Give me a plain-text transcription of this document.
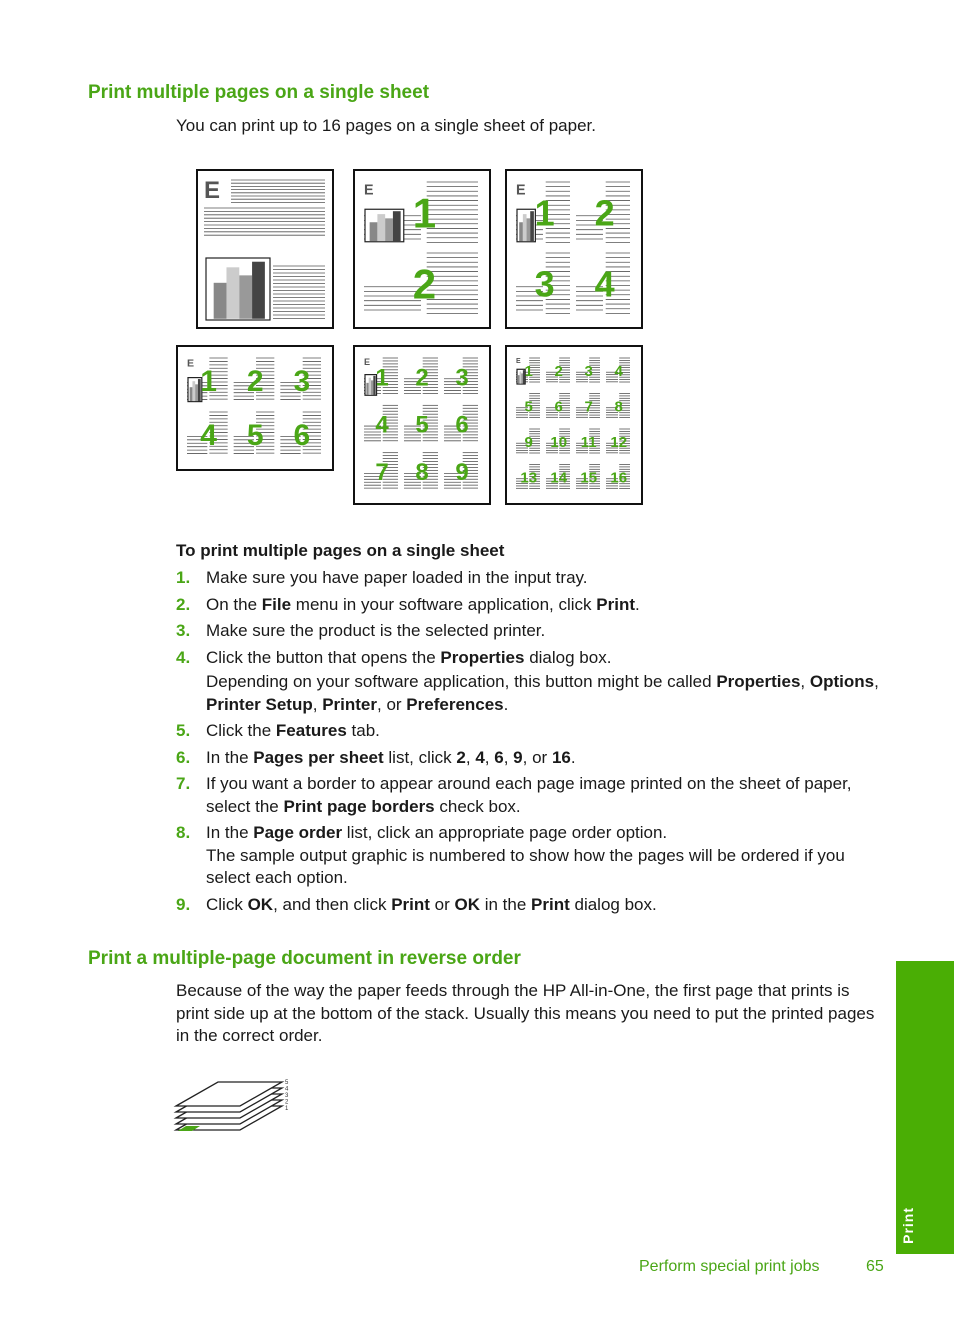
Print multiple pages on a single sheet

You can print up to 16 pages on a single sheet of paper.

E	E 1
2
E
1 2
3 4
E
1 2 3
4 5 6
E
1 2 3
4 5 6
7 8 9
E
1 2 3 4
5 6 7 8
9 10 11 12
13 14 15 16

To print multiple pages on a single sheet

1. Make sure you have paper loaded in the input tray.

2. On the File menu in your software application, click Print.

3. Make sure the product is the selected printer.

4. Click the button that opens the Properties dialog box.

Depending on your software application, this button might be called Properties, Options, Printer Setup, Printer, or Preferences.

5. Click the Features tab.

6. In the Pages per sheet list, click 2, 4, 6, 9, or 16.

7. If you want a border to appear around each page image printed on the sheet of paper, select the Print page borders check box.

8. In the Page order list, click an appropriate page order option.

The sample output graphic is numbered to show how the pages will be ordered if you select each option.

9. Click OK, and then click Print or OK in the Print dialog box.

Print a multiple-page document in reverse order

Because of the way the paper feeds through the HP All-in-One, the first page that prints is print side up at the bottom of the stack. Usually this means you need to put the printed pages in the correct order.

5
4
3
2
1
Print
Perform special print jobs	65
